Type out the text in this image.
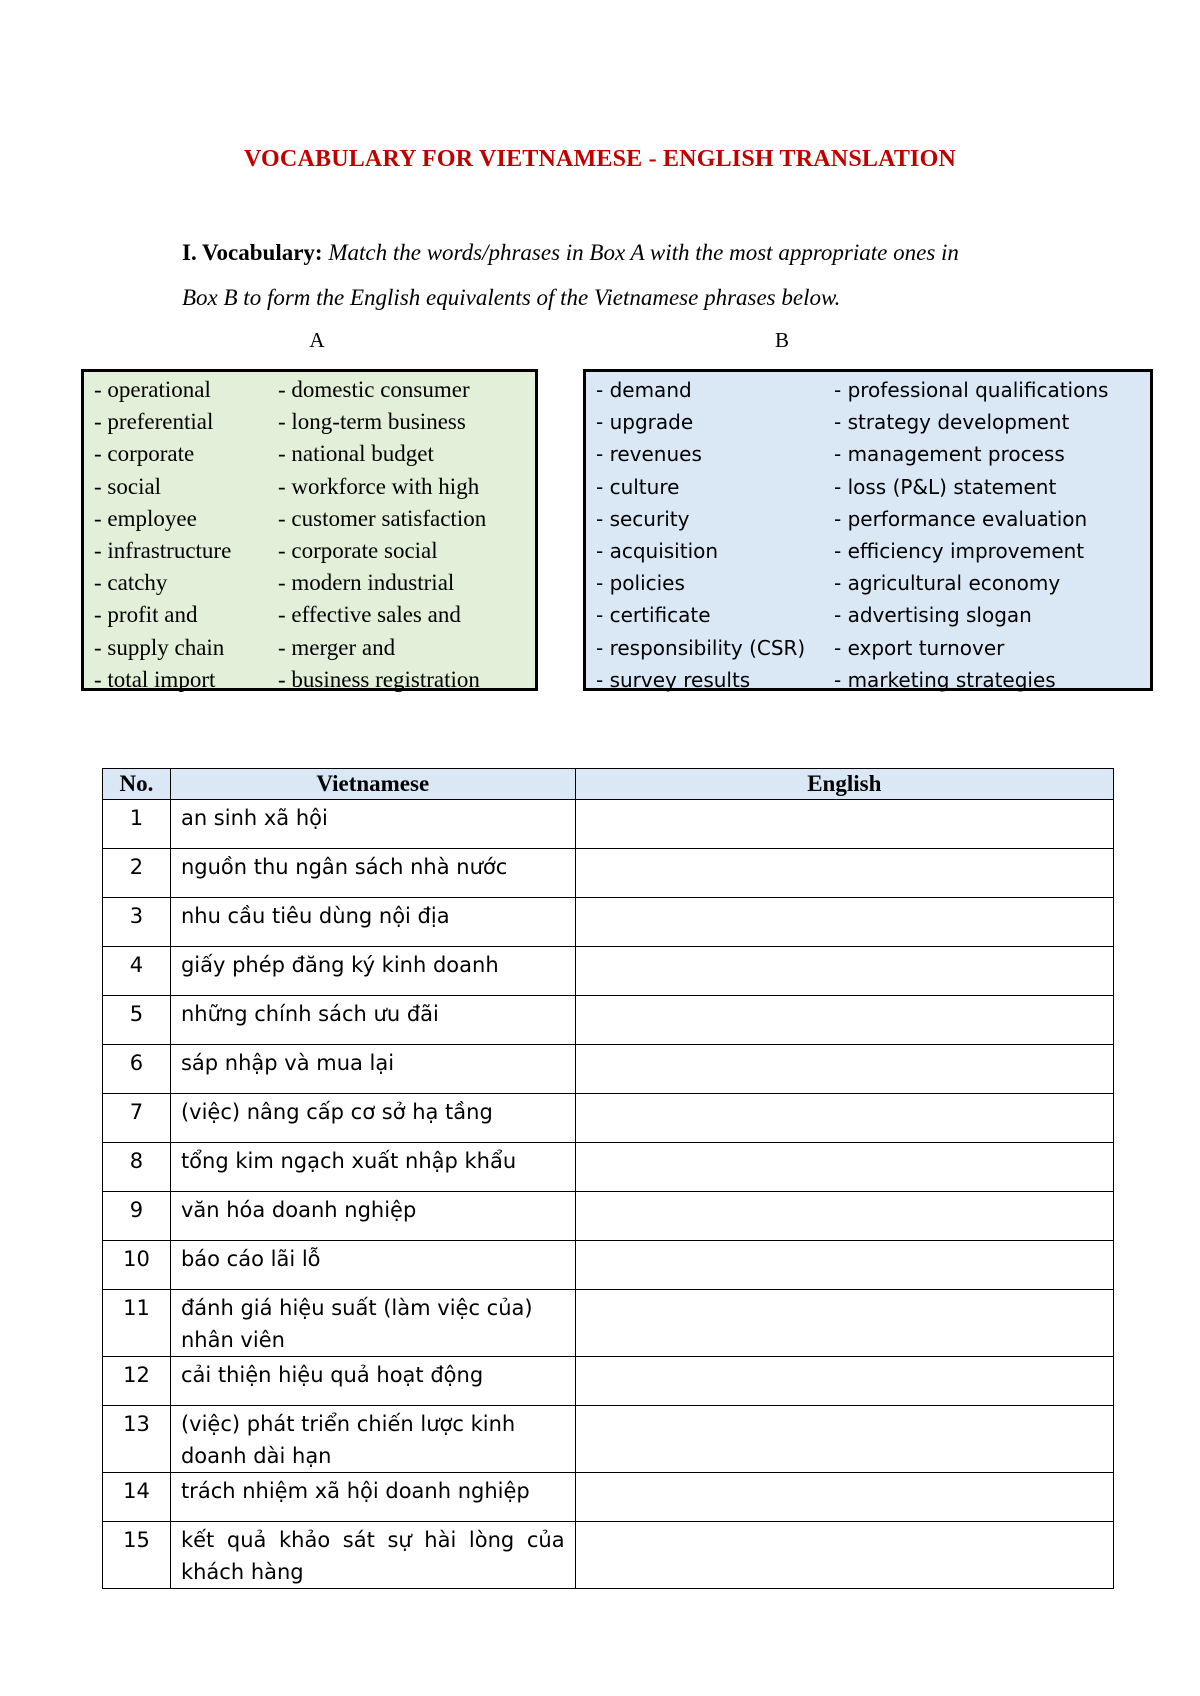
VOCABULARY FOR VIETNAMESE - ENGLISH TRANSLATION
I. Vocabulary: Match the words/phrases in Box A with the most appropriate ones in
Box B to form the English equivalents of the Vietnamese phrases below.
A	B
- operational
- preferential
- corporate
- social
- employee
- infrastructure
- catchy
- profit and
- supply chain
- total import
- domestic consumer
- long-term business
- national budget
- workforce with high
- customer satisfaction
- corporate social
- modern industrial
- effective sales and
- merger and
- business registration
- demand
- upgrade
- revenues
- culture
- security
- acquisition
- policies
- certificate
- responsibility (CSR)
- survey results
- professional qualifications
- strategy development
- management process
- loss (P&L) statement
- performance evaluation
- efficiency improvement
- agricultural economy
- advertising slogan
- export turnover
- marketing strategies
No.	Vietnamese	English
1	an sinh xã hội	
2	nguồn thu ngân sách nhà nước	
3	nhu cầu tiêu dùng nội địa	
4	giấy phép đăng ký kinh doanh	
5	những chính sách ưu đãi	
6	sáp nhập và mua lại	
7	(việc) nâng cấp cơ sở hạ tầng	
8	tổng kim ngạch xuất nhập khẩu	
9	văn hóa doanh nghiệp	
10	báo cáo lãi lỗ	
11	đánh giá hiệu suất (làm việc của) nhân viên	
12	cải thiện hiệu quả hoạt động	
13	(việc) phát triển chiến lược kinh doanh dài hạn	
14	trách nhiệm xã hội doanh nghiệp	
15	kết quả khảo sát sự hài lòng của khách hàng	
